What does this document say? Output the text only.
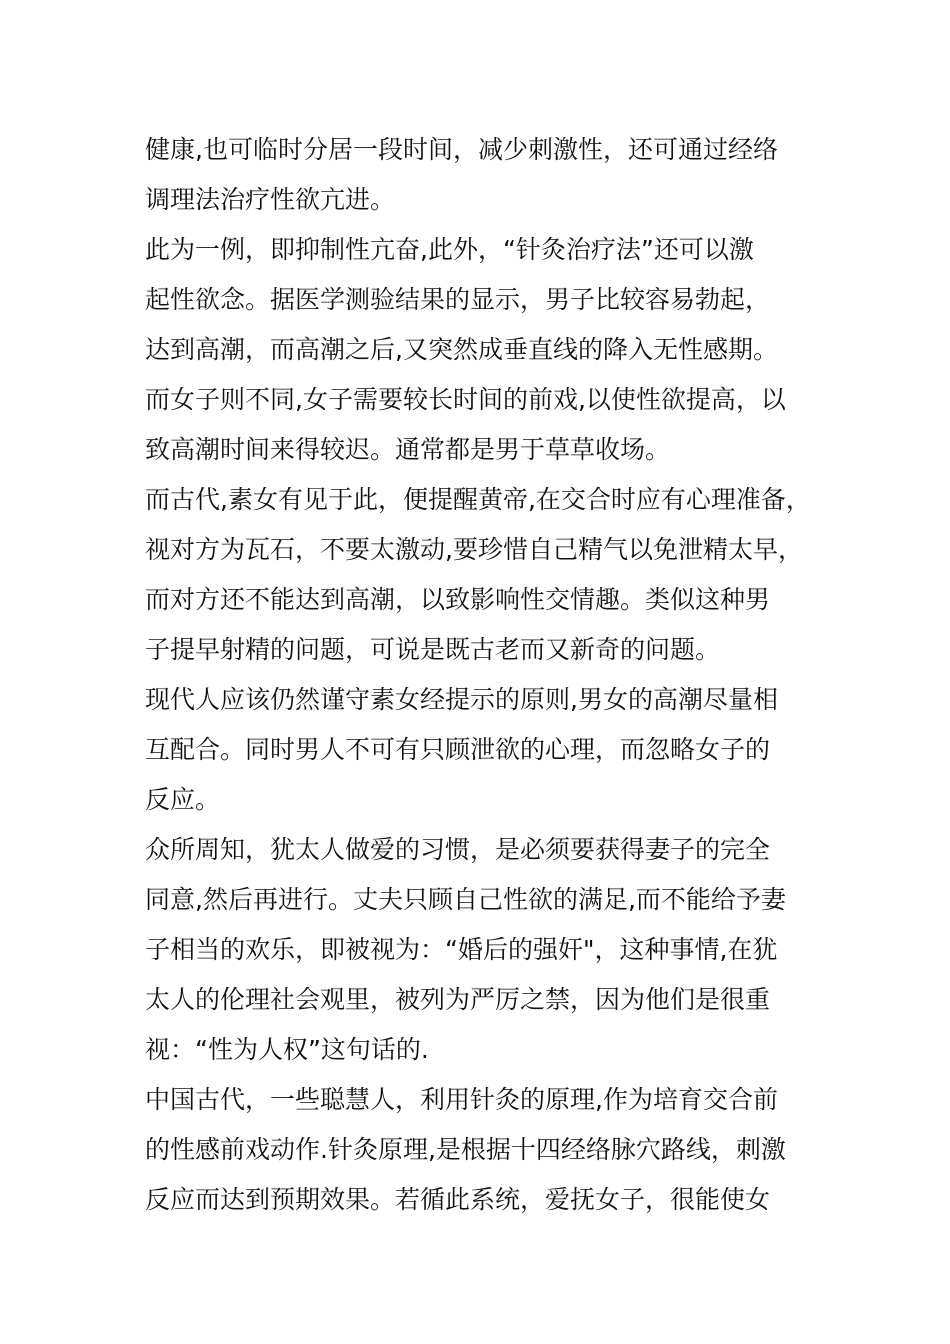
健康,也可临时分居一段时间，减少刺激性，还可通过经络
调理法治疗性欲亢进。
此为一例，即抑制性亢奋,此外，“针灸治疗法”还可以激
起性欲念。据医学测验结果的显示，男子比较容易勃起，
达到高潮，而高潮之后,又突然成垂直线的降入无性感期。
而女子则不同,女子需要较长时间的前戏,以使性欲提高，以
致高潮时间来得较迟。通常都是男于草草收场。
而古代,素女有见于此，便提醒黄帝,在交合时应有心理准备，
视对方为瓦石，不要太激动,要珍惜自己精气以免泄精太早，
而对方还不能达到高潮，以致影响性交情趣。类似这种男
子提早射精的问题，可说是既古老而又新奇的问题。
现代人应该仍然谨守素女经提示的原则,男女的高潮尽量相
互配合。同时男人不可有只顾泄欲的心理，而忽略女子的
反应。
众所周知，犹太人做爱的习惯，是必须要获得妻子的完全
同意,然后再进行。丈夫只顾自己性欲的满足,而不能给予妻
子相当的欢乐，即被视为：“婚后的强奸"，这种事情,在犹
太人的伦理社会观里，被列为严厉之禁，因为他们是很重
视：“性为人权”这句话的.
中国古代，一些聪慧人，利用针灸的原理,作为培育交合前
的性感前戏动作.针灸原理,是根据十四经络脉穴路线，刺激
反应而达到预期效果。若循此系统，爱抚女子，很能使女
